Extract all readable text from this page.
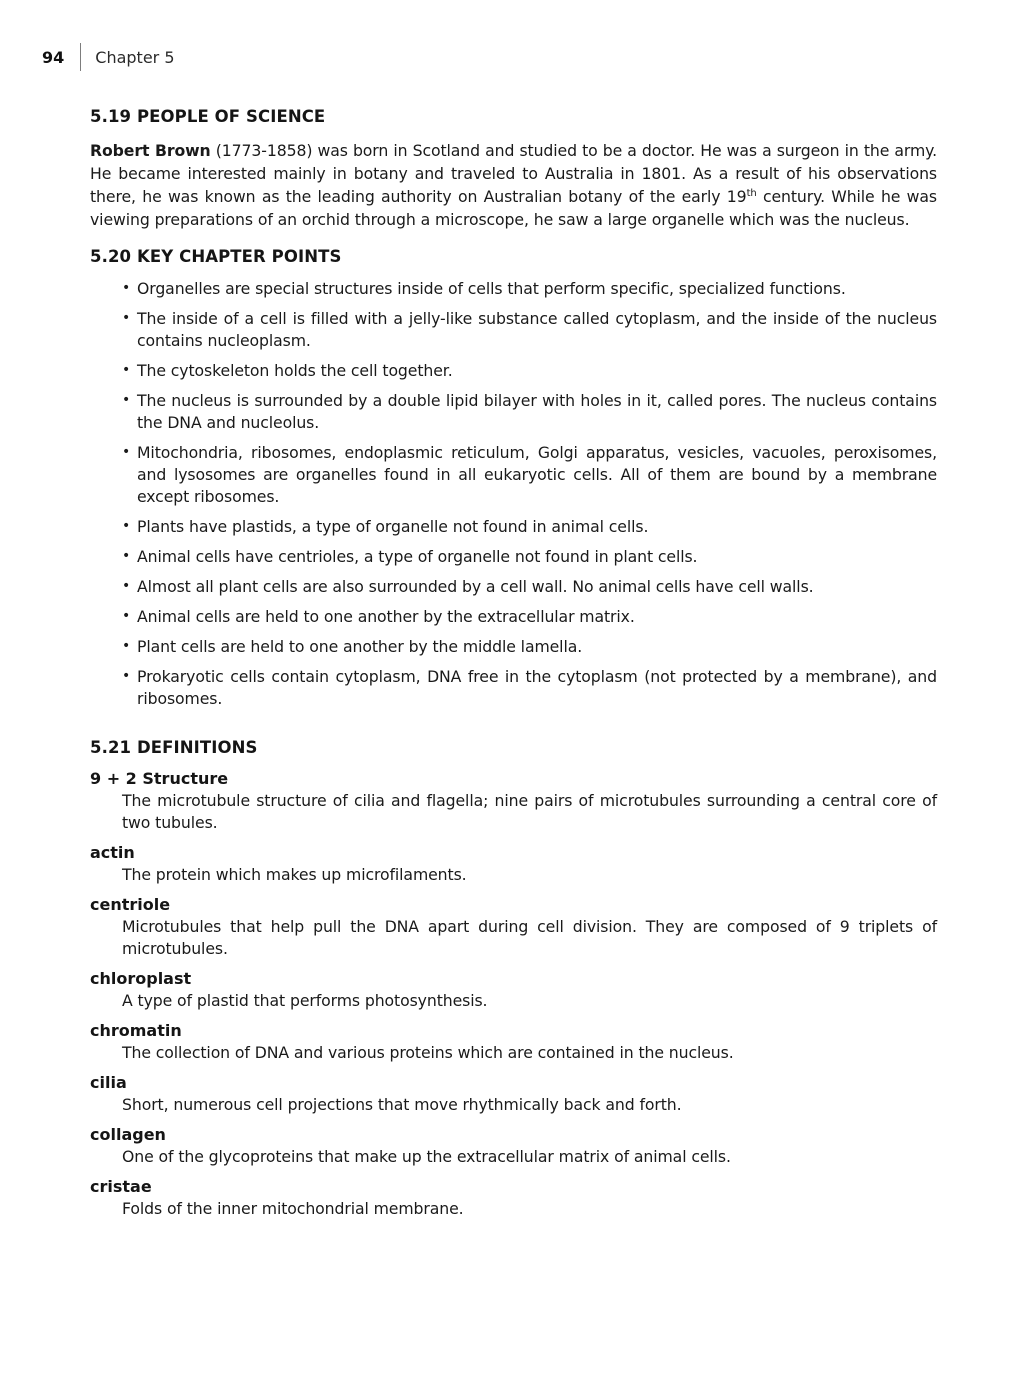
94 Chapter 5
5.19 PEOPLE OF SCIENCE

Robert Brown (1773-1858) was born in Scotland and studied to be a doctor. He was a surgeon in the army. He became interested mainly in botany and traveled to Australia in 1801. As a result of his observations there, he was known as the leading authority on Australian botany of the early 19th century. While he was viewing preparations of an orchid through a microscope, he saw a large organelle which was the nucleus.

5.20 KEY CHAPTER POINTS
• Organelles are special structures inside of cells that perform specific, specialized functions.
• The inside of a cell is filled with a jelly-like substance called cytoplasm, and the inside of the nucleus contains nucleoplasm.
• The cytoskeleton holds the cell together.
• The nucleus is surrounded by a double lipid bilayer with holes in it, called pores. The nucleus contains the DNA and nucleolus.
• Mitochondria, ribosomes, endoplasmic reticulum, Golgi apparatus, vesicles, vacuoles, peroxisomes, and lysosomes are organelles found in all eukaryotic cells. All of them are bound by a membrane except ribosomes.
• Plants have plastids, a type of organelle not found in animal cells.
• Animal cells have centrioles, a type of organelle not found in plant cells.
• Almost all plant cells are also surrounded by a cell wall. No animal cells have cell walls.
• Animal cells are held to one another by the extracellular matrix.
• Plant cells are held to one another by the middle lamella.
• Prokaryotic cells contain cytoplasm, DNA free in the cytoplasm (not protected by a membrane), and ribosomes.
5.21 DEFINITIONS
9 + 2 Structure
The microtubule structure of cilia and flagella; nine pairs of microtubules surrounding a central core of two tubules.
actin
The protein which makes up microfilaments.
centriole
Microtubules that help pull the DNA apart during cell division. They are composed of 9 triplets of microtubules.
chloroplast
A type of plastid that performs photosynthesis.
chromatin
The collection of DNA and various proteins which are contained in the nucleus.
cilia
Short, numerous cell projections that move rhythmically back and forth.
collagen
One of the glycoproteins that make up the extracellular matrix of animal cells.
cristae
Folds of the inner mitochondrial membrane.
